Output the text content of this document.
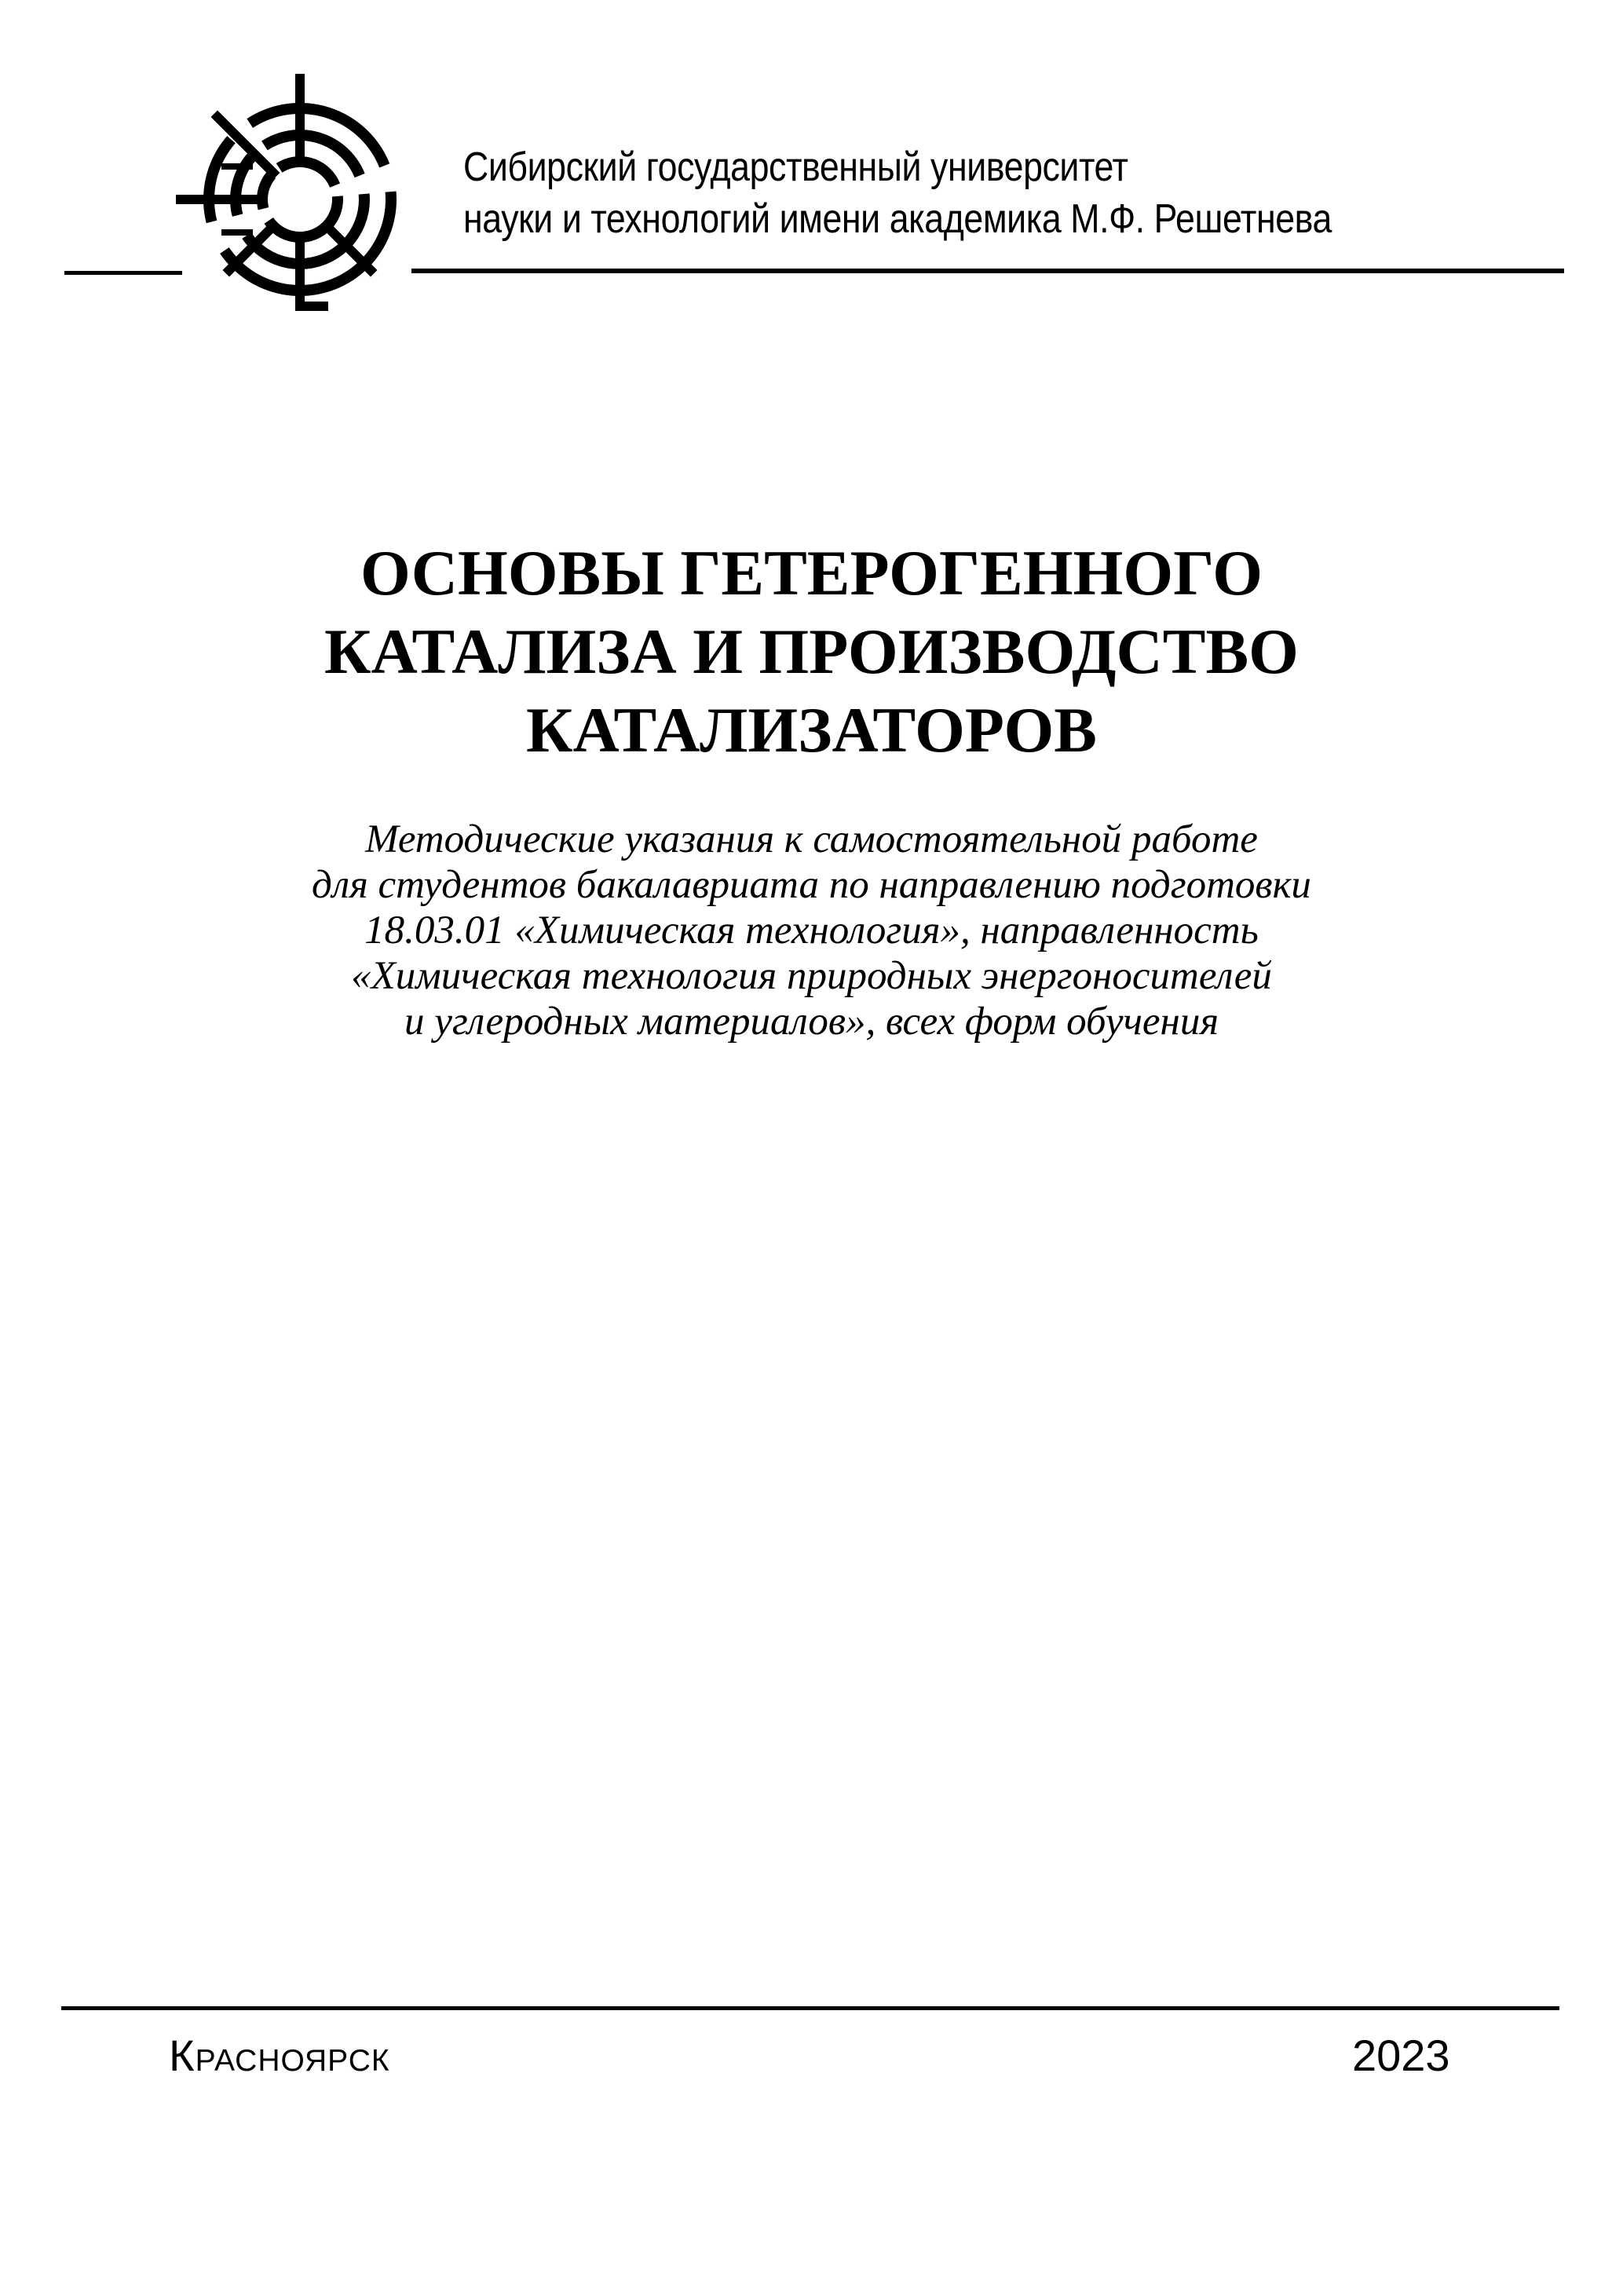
Сибирский государственный университет
науки и технологий имени академика М.Ф. Решетнева
ОСНОВЫ ГЕТЕРОГЕННОГО
КАТАЛИЗА И ПРОИЗВОДСТВО
КАТАЛИЗАТОРОВ
Методические указания к самостоятельной работе
для студентов бакалавриата по направлению подготовки
18.03.01 «Химическая технология», направленность
«Химическая технология природных энергоносителей
и углеродных материалов», всех форм обучения
Красноярск	2023
